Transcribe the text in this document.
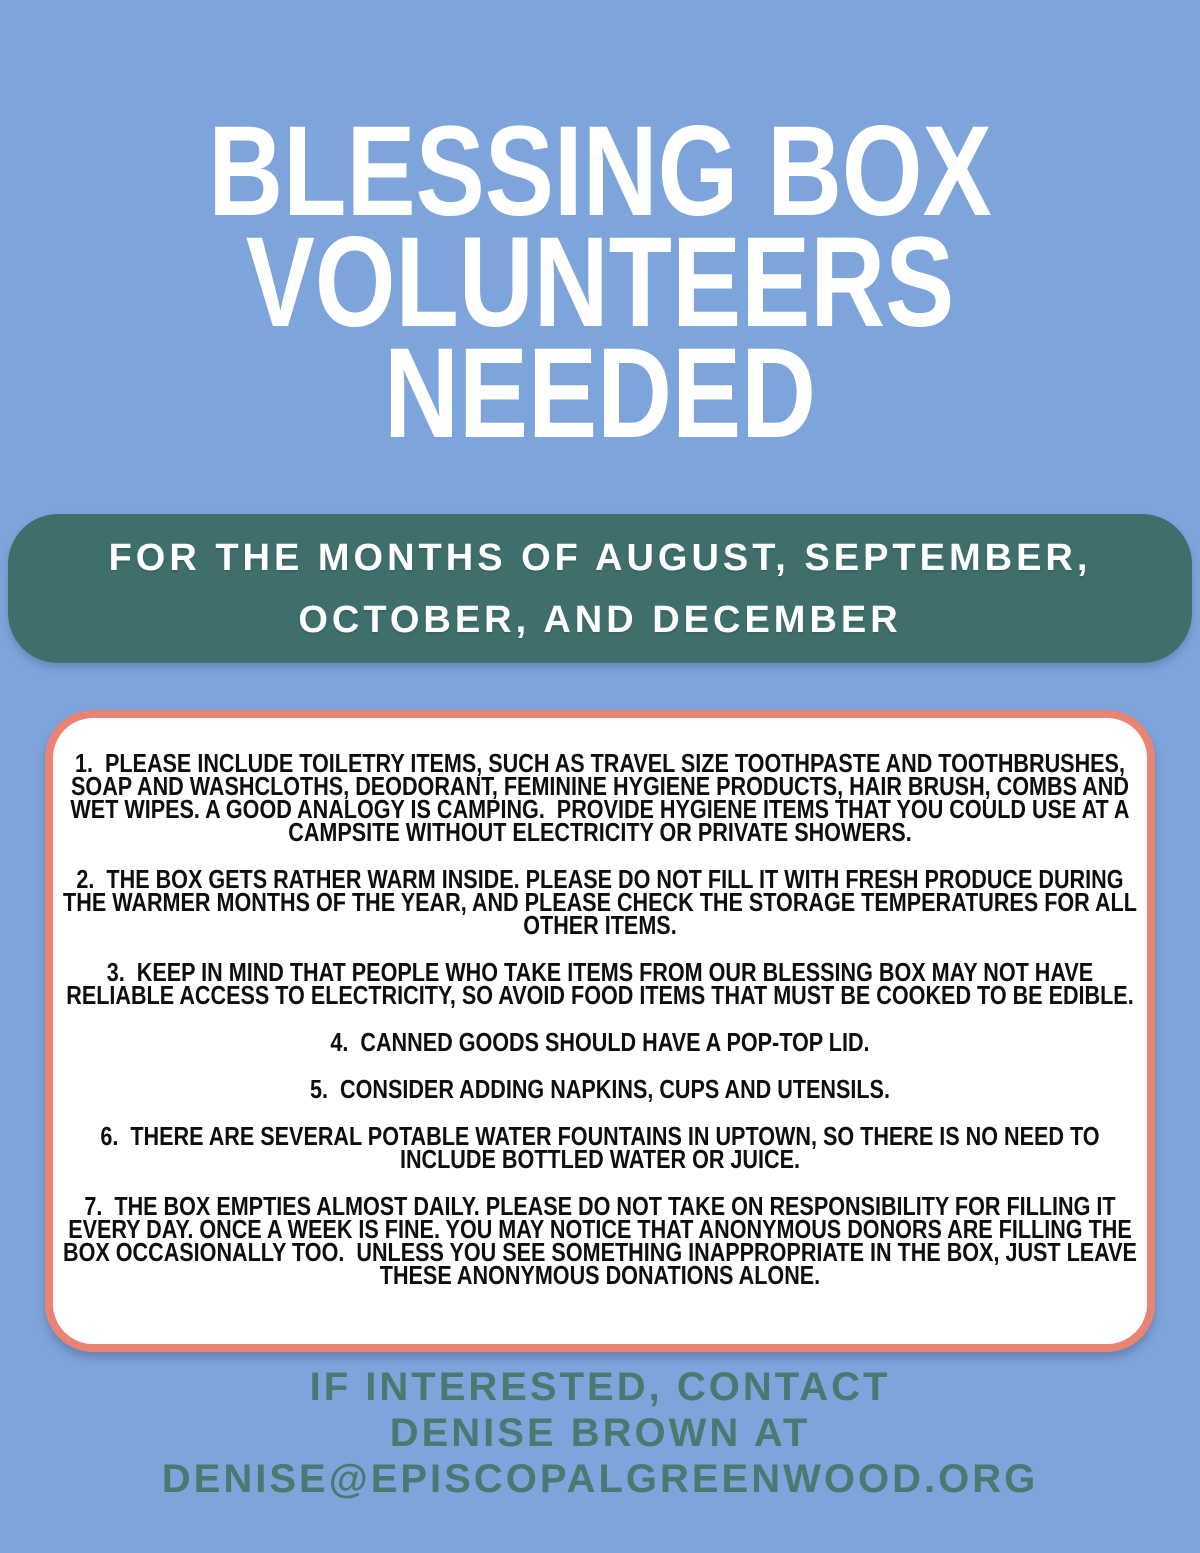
BLESSING BOX
VOLUNTEERS
NEEDED
FOR THE MONTHS OF AUGUST, SEPTEMBER,
OCTOBER, AND DECEMBER

1.  PLEASE INCLUDE TOILETRY ITEMS, SUCH AS TRAVEL SIZE TOOTHPASTE AND TOOTHBRUSHES, SOAP AND WASHCLOTHS, DEODORANT, FEMININE HYGIENE PRODUCTS, HAIR BRUSH, COMBS AND WET WIPES. A GOOD ANALOGY IS CAMPING.  PROVIDE HYGIENE ITEMS THAT YOU COULD USE AT A CAMPSITE WITHOUT ELECTRICITY OR PRIVATE SHOWERS.

2.  THE BOX GETS RATHER WARM INSIDE. PLEASE DO NOT FILL IT WITH FRESH PRODUCE DURING THE WARMER MONTHS OF THE YEAR, AND PLEASE CHECK THE STORAGE TEMPERATURES FOR ALL OTHER ITEMS.

3.  KEEP IN MIND THAT PEOPLE WHO TAKE ITEMS FROM OUR BLESSING BOX MAY NOT HAVE RELIABLE ACCESS TO ELECTRICITY, SO AVOID FOOD ITEMS THAT MUST BE COOKED TO BE EDIBLE.

4.  CANNED GOODS SHOULD HAVE A POP-TOP LID.

5.  CONSIDER ADDING NAPKINS, CUPS AND UTENSILS.

6.  THERE ARE SEVERAL POTABLE WATER FOUNTAINS IN UPTOWN, SO THERE IS NO NEED TO INCLUDE BOTTLED WATER OR JUICE.

7.  THE BOX EMPTIES ALMOST DAILY. PLEASE DO NOT TAKE ON RESPONSIBILITY FOR FILLING IT EVERY DAY. ONCE A WEEK IS FINE. YOU MAY NOTICE THAT ANONYMOUS DONORS ARE FILLING THE BOX OCCASIONALLY TOO.  UNLESS YOU SEE SOMETHING INAPPROPRIATE IN THE BOX, JUST LEAVE THESE ANONYMOUS DONATIONS ALONE.

IF INTERESTED, CONTACT
DENISE BROWN AT
DENISE@EPISCOPALGREENWOOD.ORG
